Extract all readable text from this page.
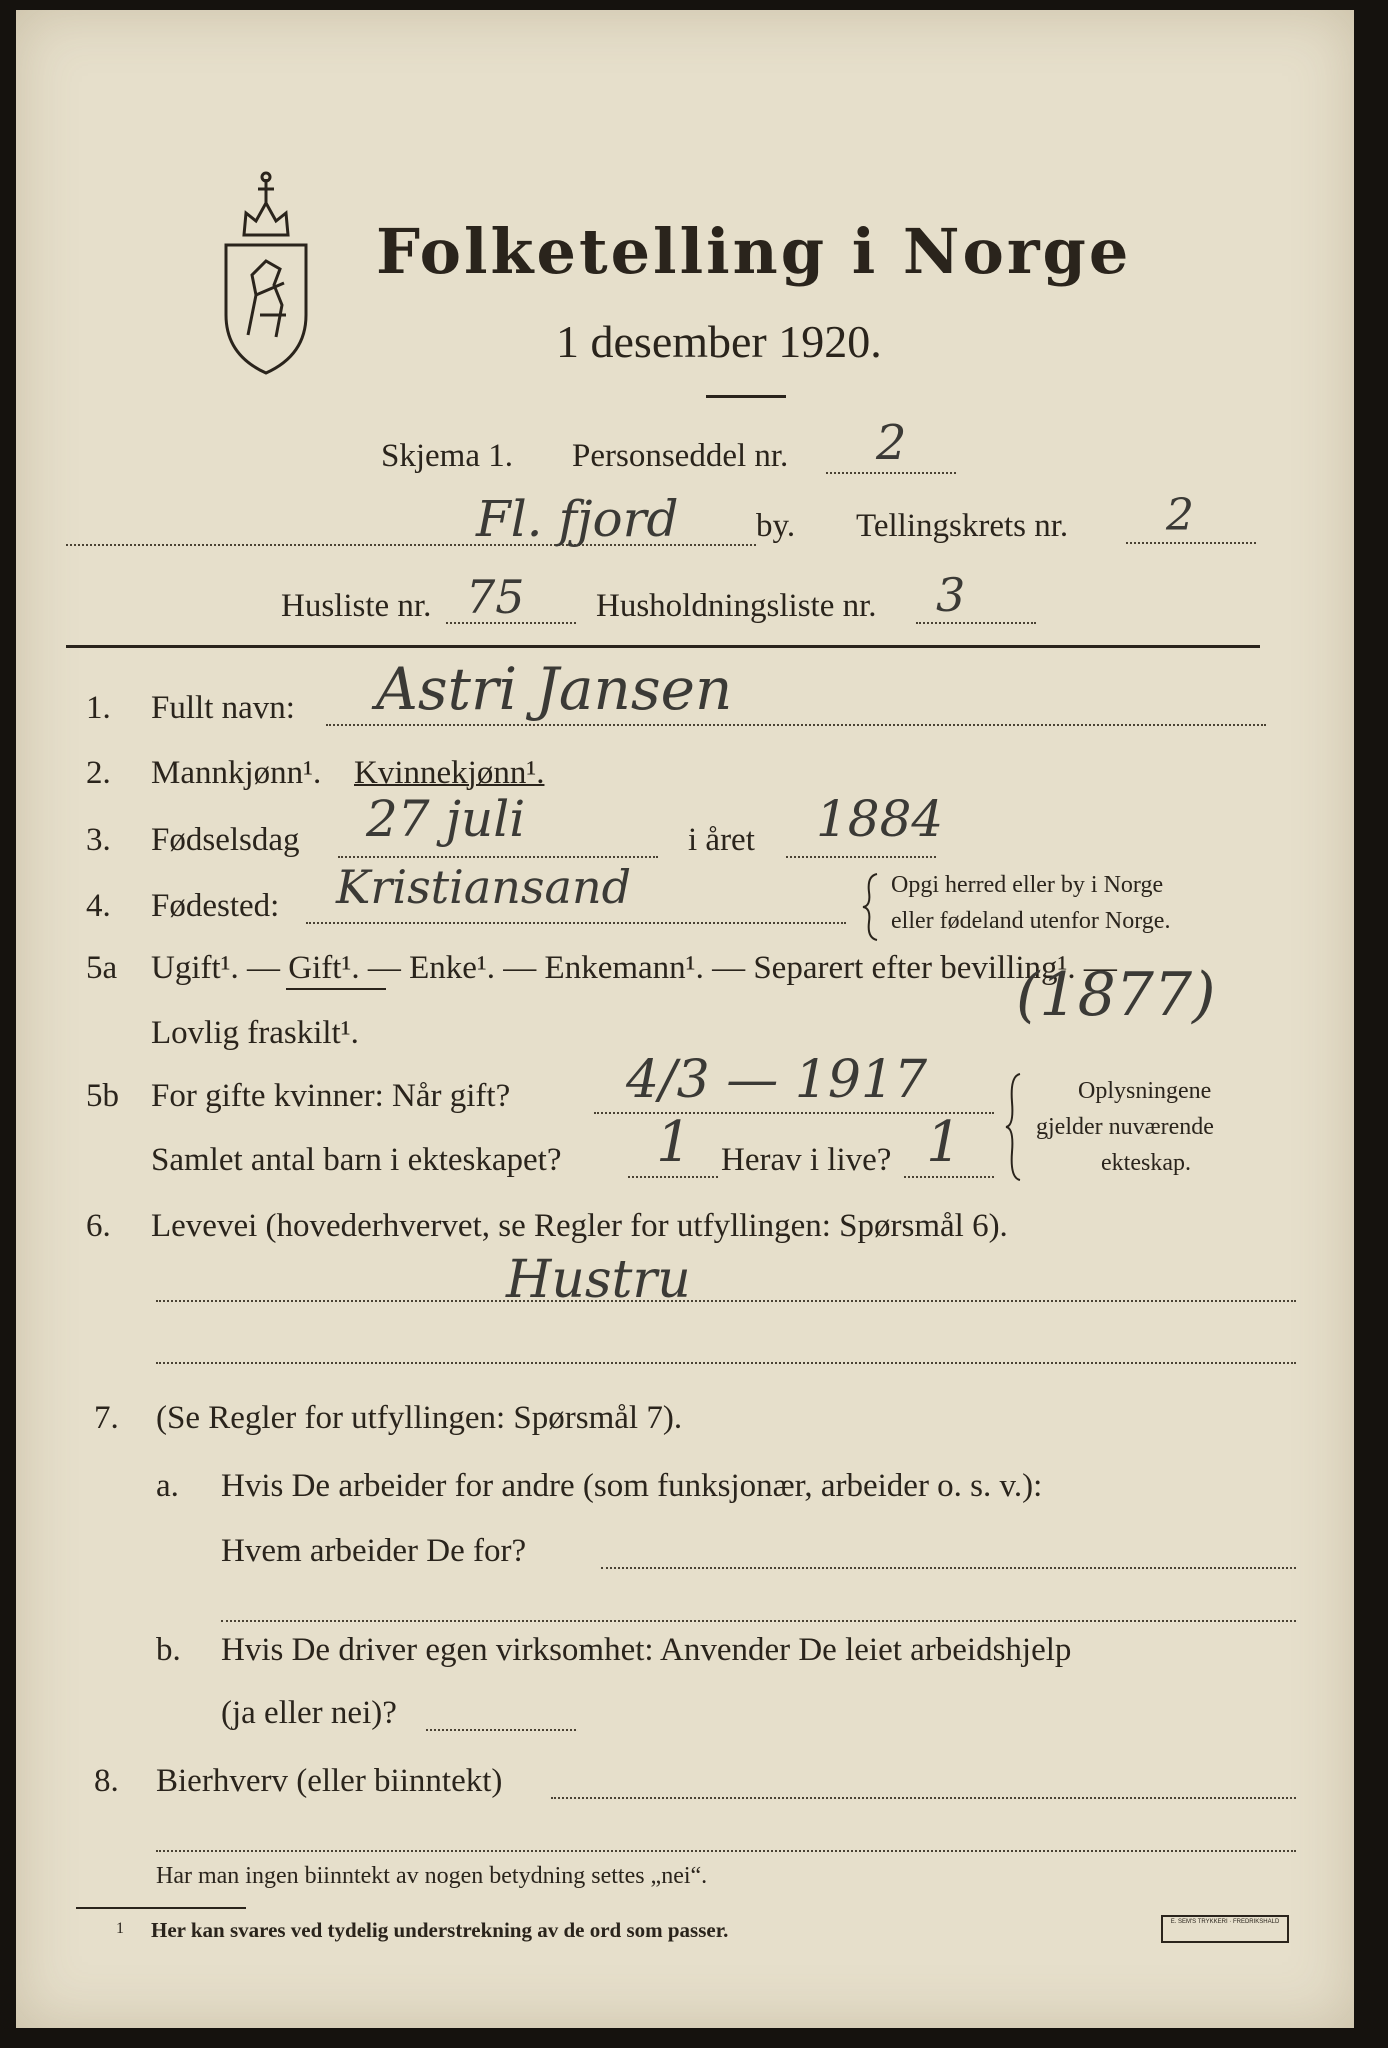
Folketelling i Norge
1 desember 1920.
Skjema 1. Personseddel nr. 2
Fl. fjord by. Tellingskrets nr. 2
Husliste nr. 75 Husholdningsliste nr. 3
1. Fullt navn: Astri Jansen
2. Mannkjønn¹. Kvinnekjønn¹.
3. Fødselsdag 27 juli	i året 1884
4. Fødested: Kristiansand	Opgi herred eller by i Norge
eller fødeland utenfor Norge.
5a Ugift¹. — Gift¹. — Enke¹. — Enkemann¹. — Separert efter bevilling¹. —
Lovlig fraskilt¹.
(1877)
5b For gifte kvinner: Når gift? 4/3 — 1917
Samlet antal barn i ekteskapet? 1 Herav i live? 1
Oplysningene
gjelder nuværende
ekteskap.
6. Levevei (hovederhvervet, se Regler for utfyllingen: Spørsmål 6).
Hustru
7. (Se Regler for utfyllingen: Spørsmål 7).
a. Hvis De arbeider for andre (som funksjonær, arbeider o. s. v.):
Hvem arbeider De for?
b. Hvis De driver egen virksomhet: Anvender De leiet arbeidshjelp
(ja eller nei)?
8. Bierhverv (eller biinntekt)
Har man ingen biinntekt av nogen betydning settes „nei“.
1 Her kan svares ved tydelig understrekning av de ord som passer.	E. SEM'S TRYKKERI · FREDRIKSHALD
